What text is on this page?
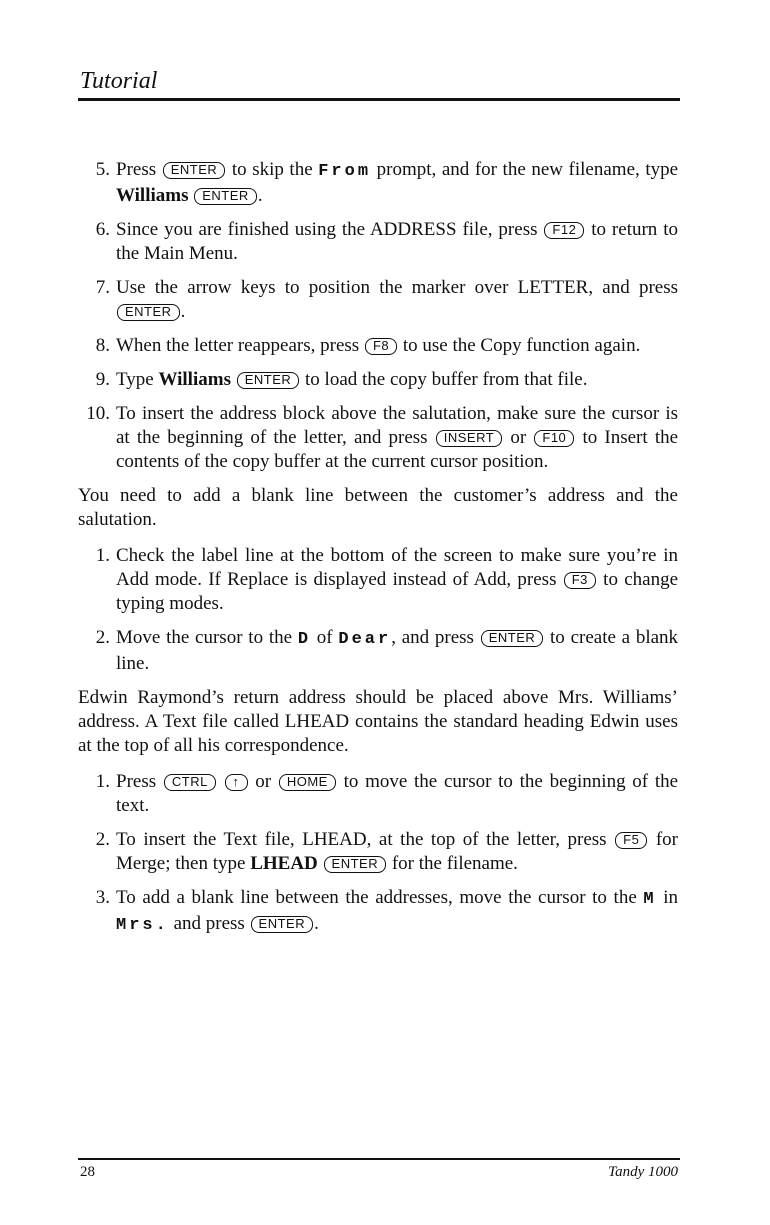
Tutorial
5. Press ENTER to skip the From prompt, and for the new filename, type Williams ENTER .
6. Since you are finished using the ADDRESS file, press F12 to return to the Main Menu.
7. Use the arrow keys to position the marker over LETTER, and press ENTER .
8. When the letter reappears, press F8 to use the Copy function again.
9. Type Williams ENTER to load the copy buffer from that file.
10. To insert the address block above the salutation, make sure the cursor is at the beginning of the letter, and press INSERT or F10 to Insert the contents of the copy buffer at the current cursor position.

You need to add a blank line between the customer’s address and the salutation.

1. Check the label line at the bottom of the screen to make sure you’re in Add mode. If Replace is displayed instead of Add, press F3 to change typing modes.
2. Move the cursor to the D of Dear, and press ENTER to create a blank line.

Edwin Raymond’s return address should be placed above Mrs. Williams’ address. A Text file called LHEAD contains the standard heading Edwin uses at the top of all his correspondence.

1. Press CTRL ↑ or HOME to move the cursor to the beginning of the text.
2. To insert the Text file, LHEAD, at the top of the letter, press F5 for Merge; then type LHEAD ENTER for the filename.
3. To add a blank line between the addresses, move the cursor to the M in Mrs. and press ENTER .
28	Tandy 1000
